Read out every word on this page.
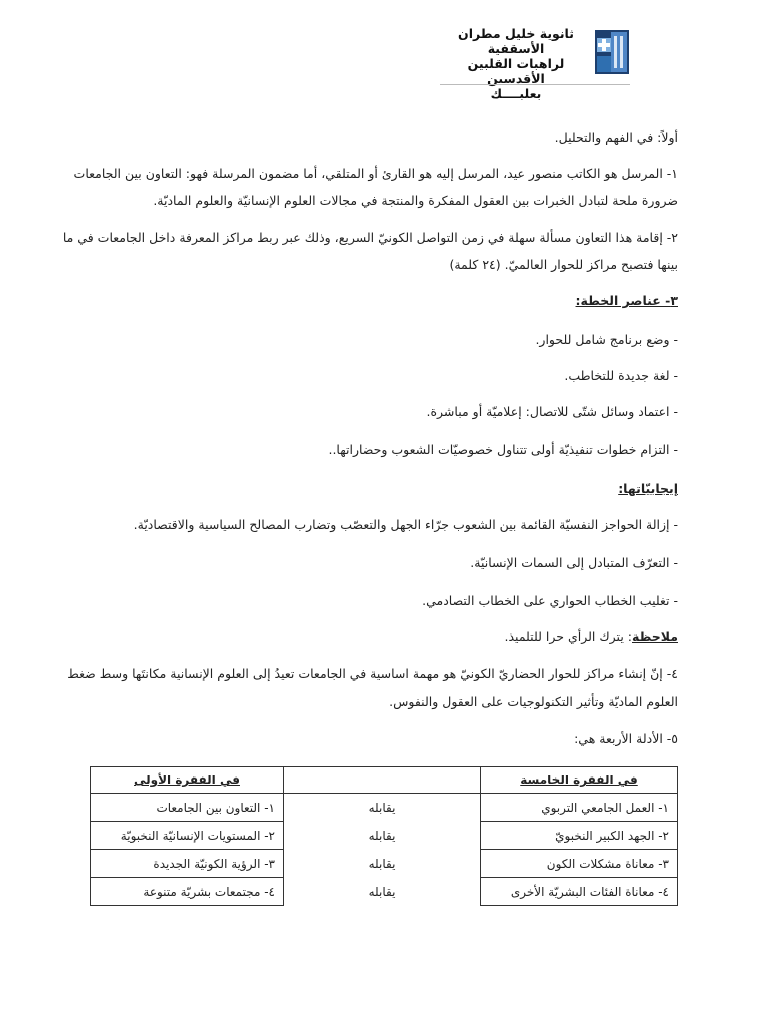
ثانوية خليل مطران الأسقفية
لراهبات القلبين الأقدسين
بعلبــــك
أولاً: في الفهم والتحليل.
١- المرسل هو الكاتب منصور عيد، المرسل إليه هو القارئ أو المتلقي، أما مضمون المرسلة فهو: التعاون بين الجامعات
ضرورة ملحة لتبادل الخبرات بين العقول المفكرة والمنتجة في مجالات العلوم الإنسانيّة والعلوم الماديّة.
٢- إقامة هذا التعاون مسألة سهلة في زمن التواصل الكونيّ السريع، وذلك عبر ربط مراكز المعرفة داخل الجامعات في ما
بينها فتصبح مراكز للحوار العالميّ. (٢٤ كلمة)
٣- عناصر الخطة:
- وضع برنامج شامل للحوار.
- لغة جديدة للتخاطب.
- اعتماد وسائل شتّى للاتصال: إعلاميّة أو مباشرة.
- التزام خطوات تنفيذيّة أولى تتناول خصوصيّات الشعوب وحضاراتها..
إيجابيّاتها:
- إزالة الحواجز النفسيّة القائمة بين الشعوب جرّاء الجهل والتعصّب وتضارب المصالح السياسية والاقتصاديّة.
- التعرّف المتبادل إلى السمات الإنسانيّة.
- تغليب الخطاب الحواري على الخطاب التصادمي.
ملاحظة: يترك الرأي حرا للتلميذ.
٤- إنّ إنشاء مراكز للحوار الحضاريّ الكونيّ هو مهمة اساسية في الجامعات تعيدُ إلى العلوم الإنسانية مكانتَها وسط ضغط
العلوم الماديّة وتأثير التكنولوجيات على العقول والنفوس.
٥- الأدلة الأربعة هي:
في الفقرة الخامسة		في الفقرة الأولى
١- العمل الجامعي التربوي	يقابله	١- التعاون بين الجامعات
٢- الجهد الكبير النخبويّ	يقابله	٢- المستويات الإنسانيّة النخبويّة
٣- معاناة مشكلات الكون	يقابله	٣- الرؤية الكونيّة الجديدة
٤- معاناة الفئات البشريّة الأخرى	يقابله	٤- مجتمعات بشريّة متنوعة
